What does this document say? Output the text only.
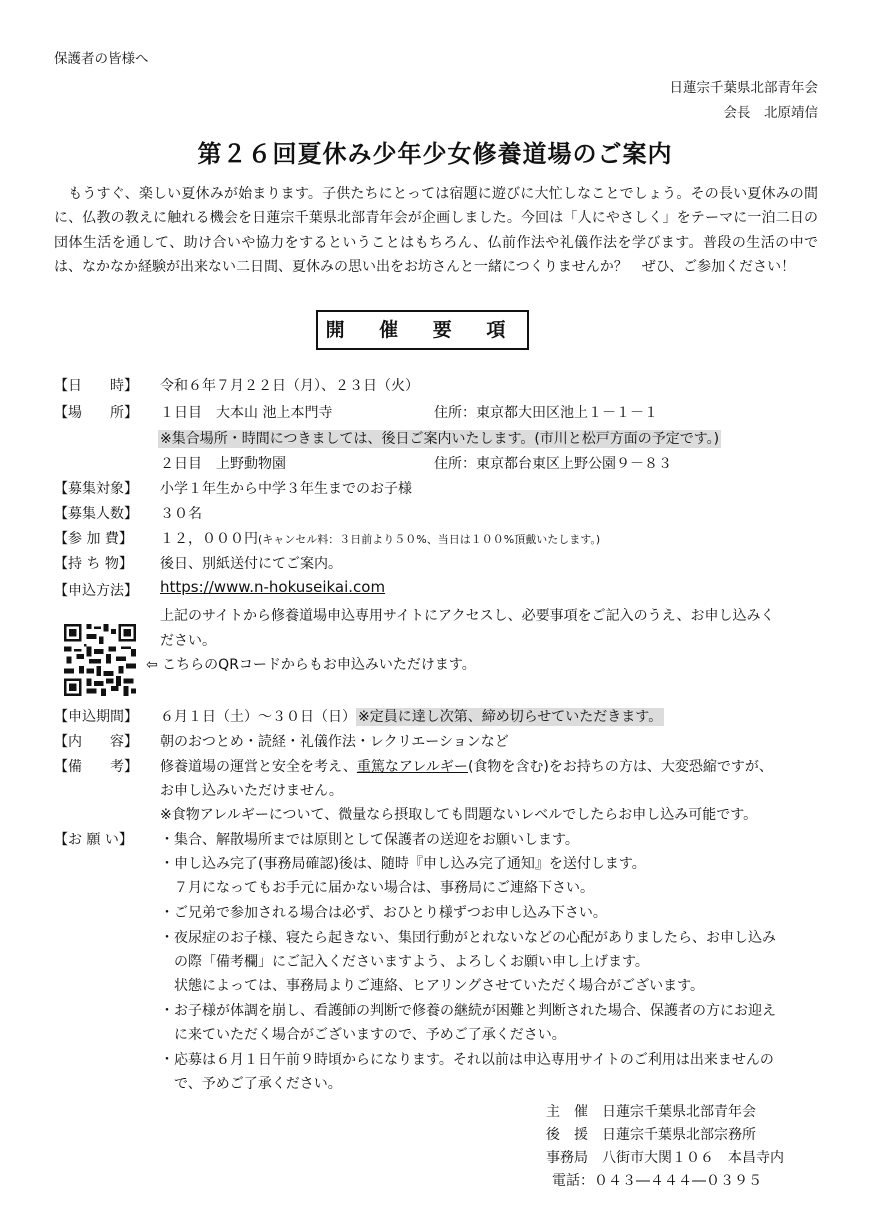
保護者の皆様へ
日蓮宗千葉県北部青年会
会長　北原靖信
第２６回夏休み少年少女修養道場のご案内
　もうすぐ、楽しい夏休みが始まります。子供たちにとっては宿題に遊びに大忙しなことでしょう。その長い夏休みの間に、仏教の教えに触れる機会を日蓮宗千葉県北部青年会が企画しました。今回は「人にやさしく」をテーマに一泊二日の団体生活を通して、助け合いや協力をするということはもちろん、仏前作法や礼儀作法を学びます。普段の生活の中では、なかなか経験が出来ない二日間、夏休みの思い出をお坊さんと一緒につくりませんか？　ぜひ、ご参加ください！
開 催 要 項
【日　　時】 令和６年７月２２日（月）、２３日（火）
【場　　所】 １日目　大本山 池上本門寺	住所：東京都大田区池上１－１－１
※集合場所・時間につきましては、後日ご案内いたします。(市川と松戸方面の予定です。)
２日目　上野動物園	住所：東京都台東区上野公園９－８３
【募集対象】 小学１年生から中学３年生までのお子様
【募集人数】 ３０名
【参 加 費】 １２，０００円(キャンセル料：３日前より５０%、当日は１００%頂戴いたします。)
【持 ち 物】 後日、別紙送付にてご案内。
【申込方法】 https://www.n-hokuseikai.com
上記のサイトから修養道場申込専用サイトにアクセスし、必要事項をご記入のうえ、お申し込みく
ださい。
⇦ こちらのQRコードからもお申込みいただけます。
【申込期間】 ６月１日（土）～３０日（日） ※定員に達し次第、締め切らせていただきます。
【内　　容】 朝のおつとめ・読経・礼儀作法・レクリエーションなど
【備　　考】 修養道場の運営と安全を考え、重篤なアレルギー(食物を含む)をお持ちの方は、大変恐縮ですが、
お申し込みいただけません。
※食物アレルギーについて、微量なら摂取しても問題ないレベルでしたらお申し込み可能です。
【お 願 い】 ・集合、解散場所までは原則として保護者の送迎をお願いします。
・申し込み完了(事務局確認)後は、随時『申し込み完了通知』を送付します。
　７月になってもお手元に届かない場合は、事務局にご連絡下さい。
・ご兄弟で参加される場合は必ず、おひとり様ずつお申し込み下さい。
・夜尿症のお子様、寝たら起きない、集団行動がとれないなどの心配がありましたら、お申し込み
　の際「備考欄」にご記入くださいますよう、よろしくお願い申し上げます。
　状態によっては、事務局よりご連絡、ヒアリングさせていただく場合がございます。
・お子様が体調を崩し、看護師の判断で修養の継続が困難と判断された場合、保護者の方にお迎え
　に来ていただく場合がございますので、予めご了承ください。
・応募は６月１日午前９時頃からになります。それ以前は申込専用サイトのご利用は出来ませんの
　で、予めご了承ください。
主　催　日蓮宗千葉県北部青年会
後　援　日蓮宗千葉県北部宗務所
事務局　八街市大関１０６　本昌寺内
電話：０４３―４４４―０３９５
